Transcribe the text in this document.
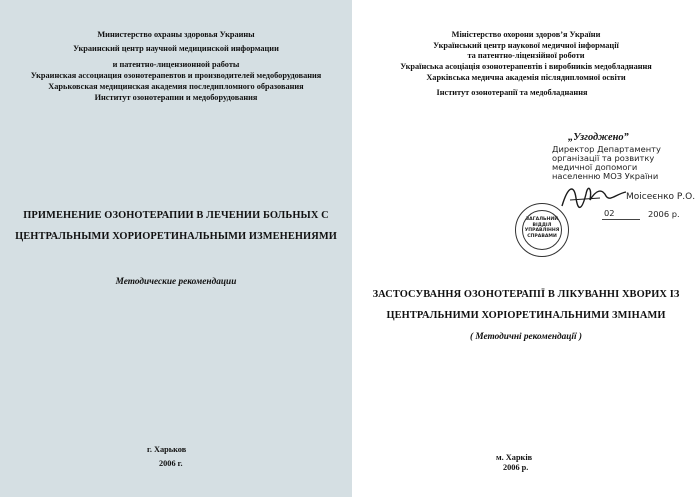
Министерство охраны здоровья Украины
Украинский центр научной медицинской информации
и патентно-лицензионной работы
Украинская ассоциация озонотерапевтов и производителей медоборудования
Харьковская медицинская академия последипломного образования
Институт озонотерапии и медоборудования
ПРИМЕНЕНИЕ ОЗОНОТЕРАПИИ В ЛЕЧЕНИИ БОЛЬНЫХ С
ЦЕНТРАЛЬНЫМИ ХОРИОРЕТИНАЛЬНЫМИ ИЗМЕНЕНИЯМИ
Методические рекомендации
г. Харьков
2006 г.
Міністерство охорони здоров’я України
Український центр наукової медичної інформації
та патентно-ліцензійної роботи
Українська асоціація озонотерапевтів і виробників медобладнання
Харківська медична академія післядипломної освіти
Інститут озонотерапії та медобладнання
ЗАСТОСУВАННЯ ОЗОНОТЕРАПІЇ В ЛІКУВАННІ ХВОРИХ ІЗ
ЦЕНТРАЛЬНИМИ ХОРІОРЕТИНАЛЬНИМИ ЗМІНАМИ
( Методичні рекомендації )
м. Харків
2006 р.
„Узгоджено”
Директор Департаменту
організації та розвитку
медичної допомоги
населенню МОЗ України
Моісеєнко Р.О.
02	2006 р.
ЗАГАЛЬНИЙ
ВІДДІЛ
УПРАВЛІННЯ
СПРАВАМИ
